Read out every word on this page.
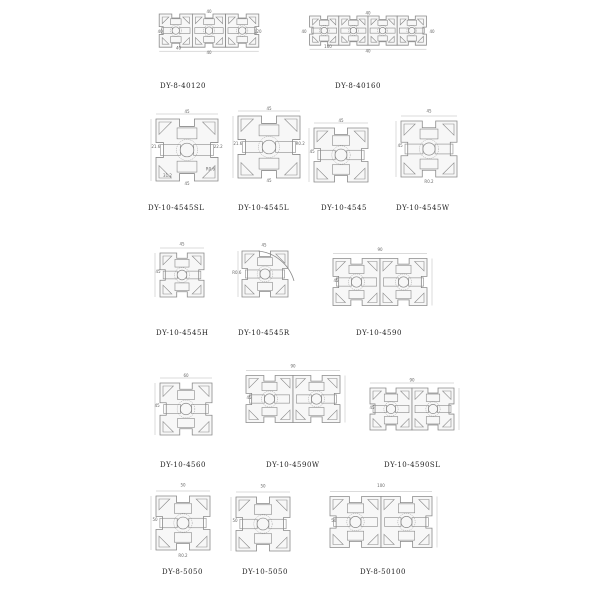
40
40
40
120
40
DY-8-40120
40
40
40
40
160
DY-8-40160
45
21.6
45
22.2
31.2
R0.6
DY-10-4545SL
45
21.6
45
R0.2
DY-10-4545L
45
45
DY-10-4545
45
45
R0.2
DY-10-4545W
45
45
DY-10-4545H
45
R0.6
DY-10-4545R
90
45
DY-10-4590
60
45
DY-10-4560
90
45
DY-10-4590W
90
45
DY-10-4590SL
50
50
R0.2
DY-8-5050
50
50
DY-10-5050
100
50
DY-8-50100
